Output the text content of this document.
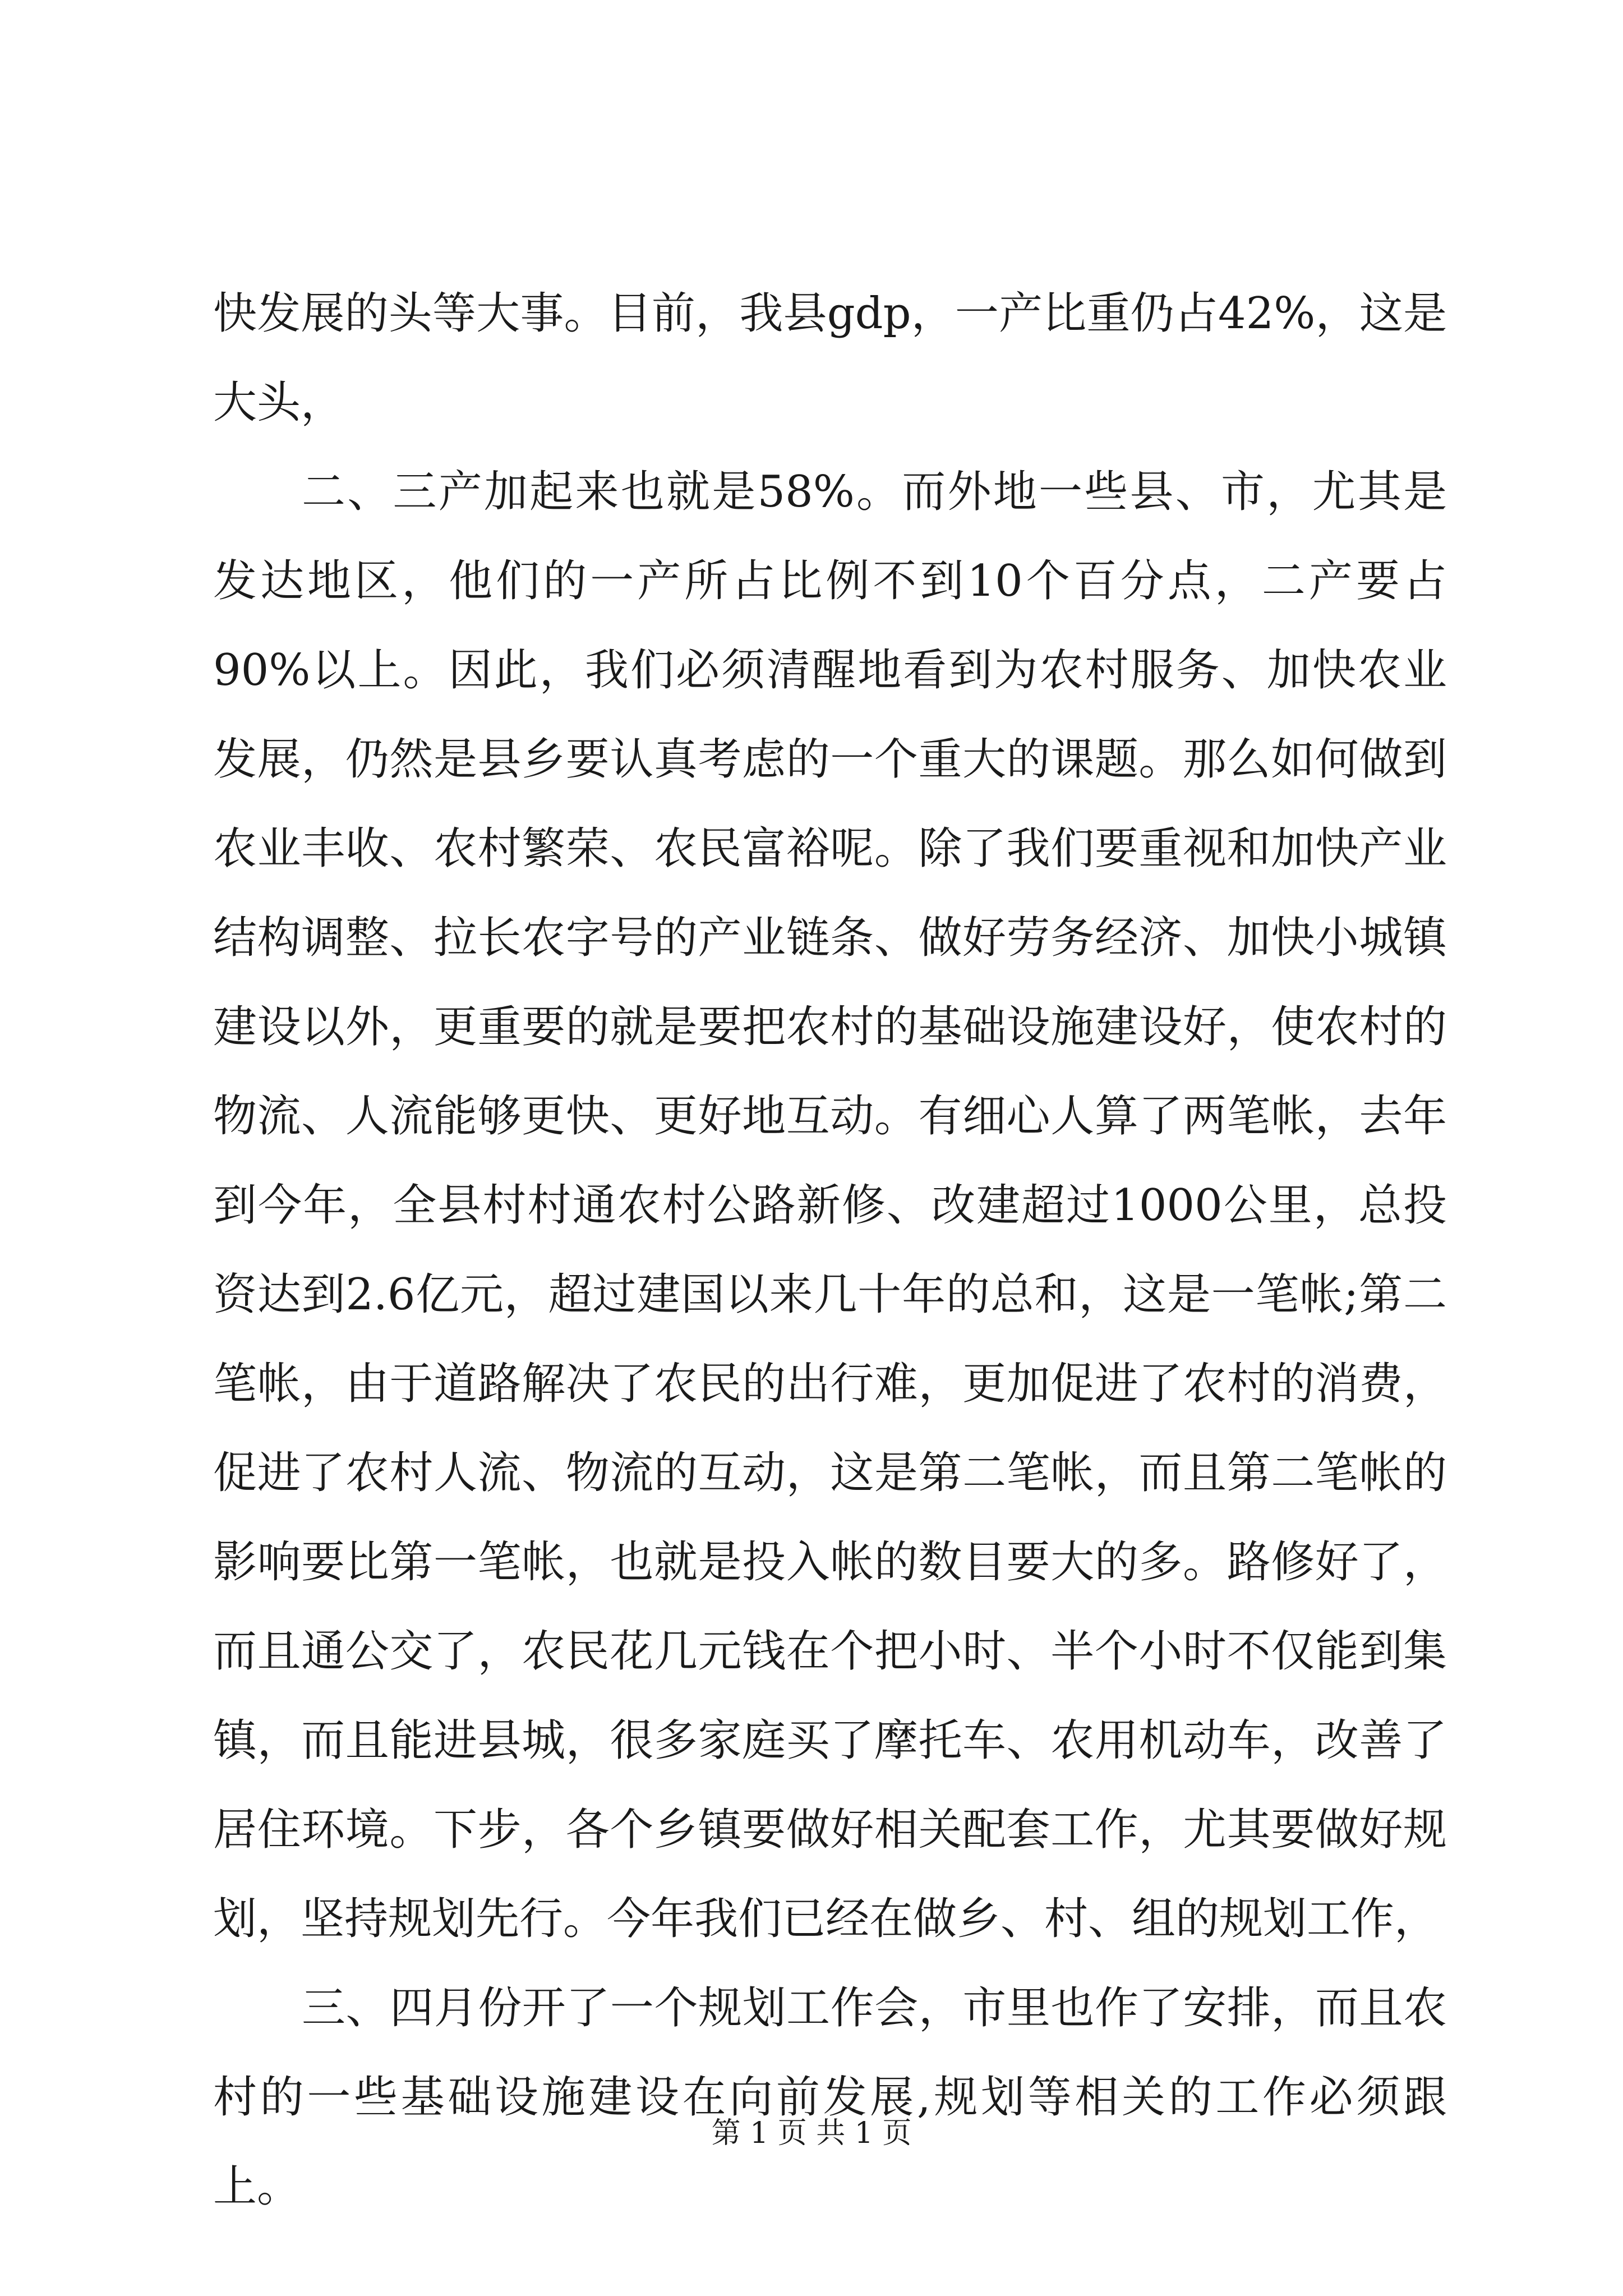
快发展的头等大事。目前，我县gdp，一产比重仍占42%，这是大头，

二、三产加起来也就是58%。而外地一些县、市，尤其是发达地区，他们的一产所占比例不到10个百分点，二产要占90%以上。因此，我们必须清醒地看到为农村服务、加快农业发展，仍然是县乡要认真考虑的一个重大的课题。那么如何做到农业丰收、农村繁荣、农民富裕呢。除了我们要重视和加快产业结构调整、拉长农字号的产业链条、做好劳务经济、加快小城镇建设以外，更重要的就是要把农村的基础设施建设好，使农村的物流、人流能够更快、更好地互动。有细心人算了两笔帐，去年到今年，全县村村通农村公路新修、改建超过1000公里，总投资达到2.6亿元，超过建国以来几十年的总和，这是一笔帐;第二笔帐，由于道路解决了农民的出行难，更加促进了农村的消费，促进了农村人流、物流的互动，这是第二笔帐，而且第二笔帐的影响要比第一笔帐，也就是投入帐的数目要大的多。路修好了，而且通公交了，农民花几元钱在个把小时、半个小时不仅能到集镇，而且能进县城，很多家庭买了摩托车、农用机动车，改善了居住环境。下步，各个乡镇要做好相关配套工作，尤其要做好规划，坚持规划先行。今年我们已经在做乡、村、组的规划工作，

三、四月份开了一个规划工作会，市里也作了安排，而且农村的一些基础设施建设在向前发展,规划等相关的工作必须跟上。

第 1 页 共 1 页
